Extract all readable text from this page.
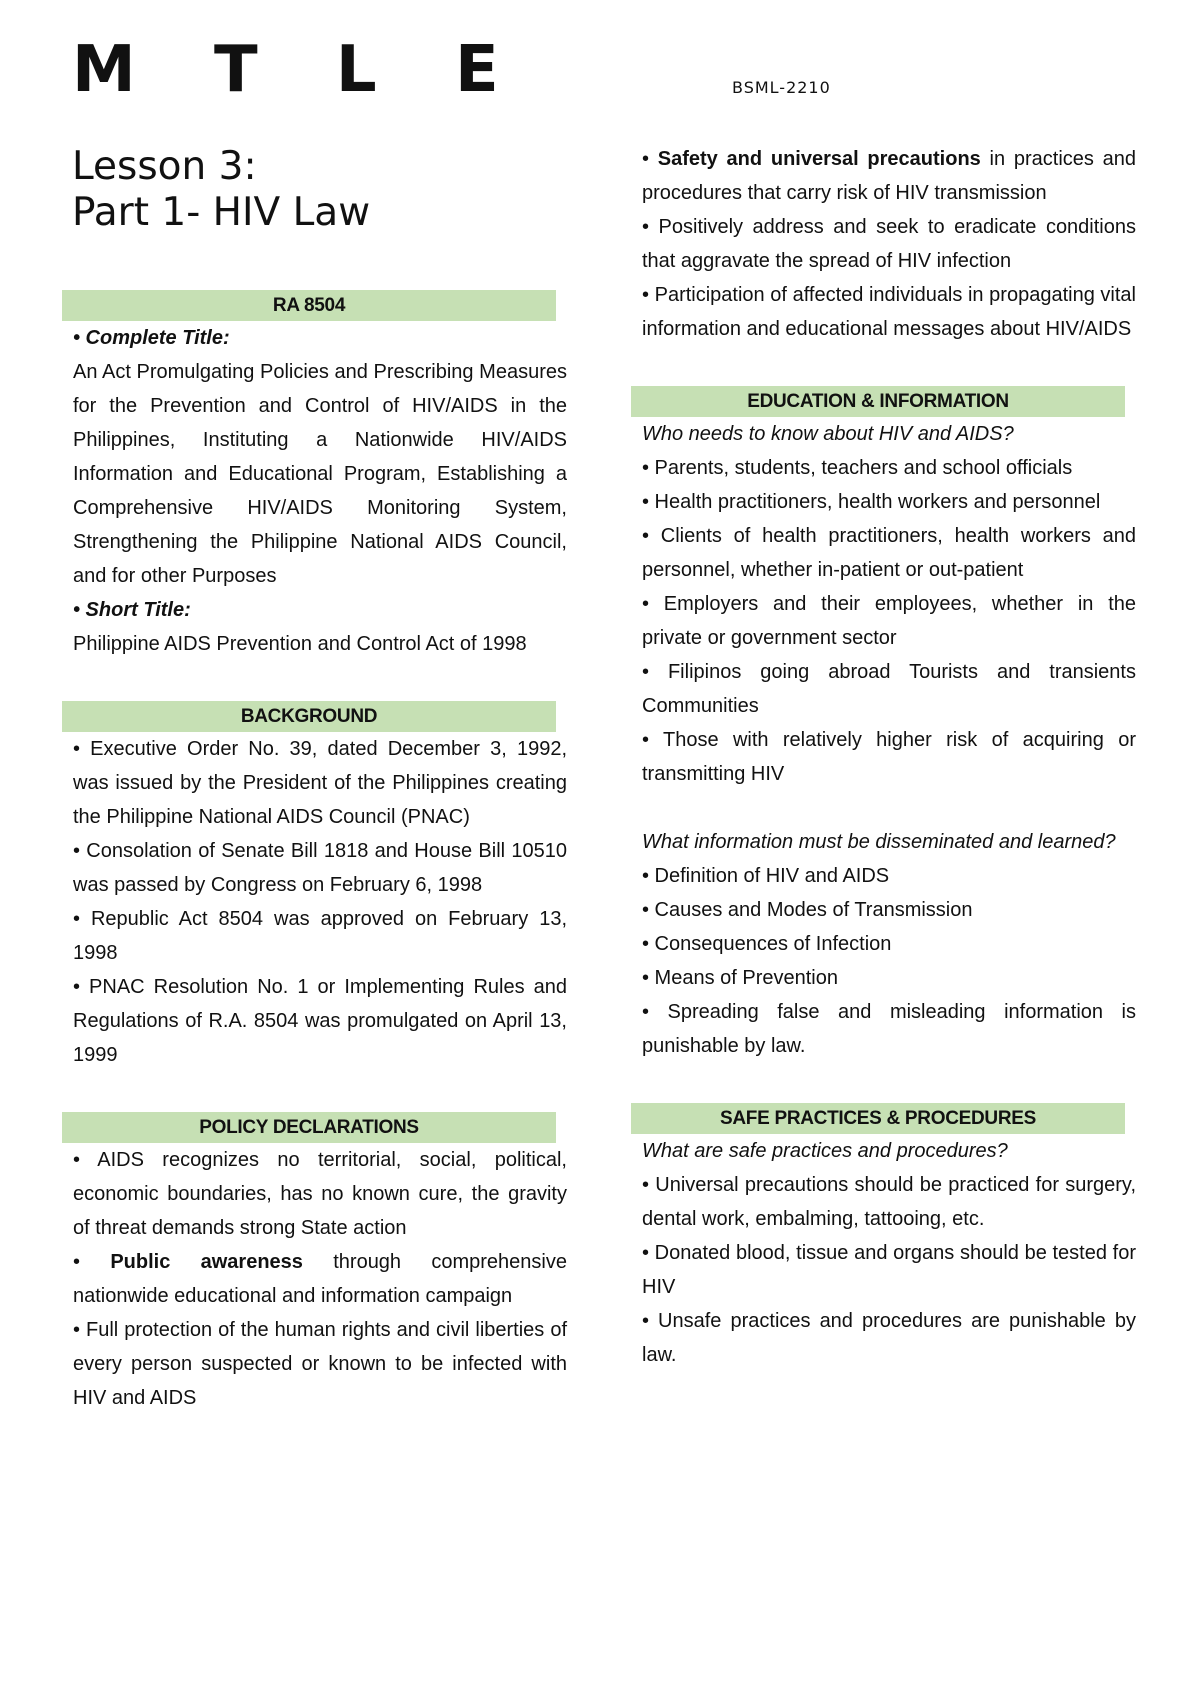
M T L E	BSML-2210
Lesson 3:
Part 1- HIV Law
RA 8504

• Complete Title:

An Act Promulgating Policies and Prescribing Measures for the Prevention and Control of HIV/AIDS in the Philippines, Instituting a Nationwide HIV/AIDS Information and Educational Program, Establishing a Comprehensive HIV/AIDS Monitoring System, Strengthening the Philippine National AIDS Council, and for other Purposes

• Short Title:

Philippine AIDS Prevention and Control Act of 1998

BACKGROUND

• Executive Order No. 39, dated December 3, 1992, was issued by the President of the Philippines creating the Philippine National AIDS Council (PNAC)

• Consolation of Senate Bill 1818 and House Bill 10510 was passed by Congress on February 6, 1998

• Republic Act 8504 was approved on February 13, 1998

• PNAC Resolution No. 1 or Implementing Rules and Regulations of R.A. 8504 was promulgated on April 13, 1999

POLICY DECLARATIONS

• AIDS recognizes no territorial, social, political, economic boundaries, has no known cure, the gravity of threat demands strong State action

• Public awareness through comprehensive nationwide educational and information campaign

• Full protection of the human rights and civil liberties of every person suspected or known to be infected with HIV and AIDS

• Safety and universal precautions in practices and procedures that carry risk of HIV transmission

• Positively address and seek to eradicate conditions that aggravate the spread of HIV infection

• Participation of affected individuals in propagating vital information and educational messages about HIV/AIDS

EDUCATION & INFORMATION

Who needs to know about HIV and AIDS?

• Parents, students, teachers and school officials

• Health practitioners, health workers and personnel

• Clients of health practitioners, health workers and personnel, whether in-patient or out-patient

• Employers and their employees, whether in the private or government sector

• Filipinos going abroad Tourists and transients Communities

• Those with relatively higher risk of acquiring or transmitting HIV

What information must be disseminated and learned?

• Definition of HIV and AIDS

• Causes and Modes of Transmission

• Consequences of Infection

• Means of Prevention

• Spreading false and misleading information is punishable by law.

SAFE PRACTICES & PROCEDURES

What are safe practices and procedures?

• Universal precautions should be practiced for surgery, dental work, embalming, tattooing, etc.

• Donated blood, tissue and organs should be tested for HIV

• Unsafe practices and procedures are punishable by law.
